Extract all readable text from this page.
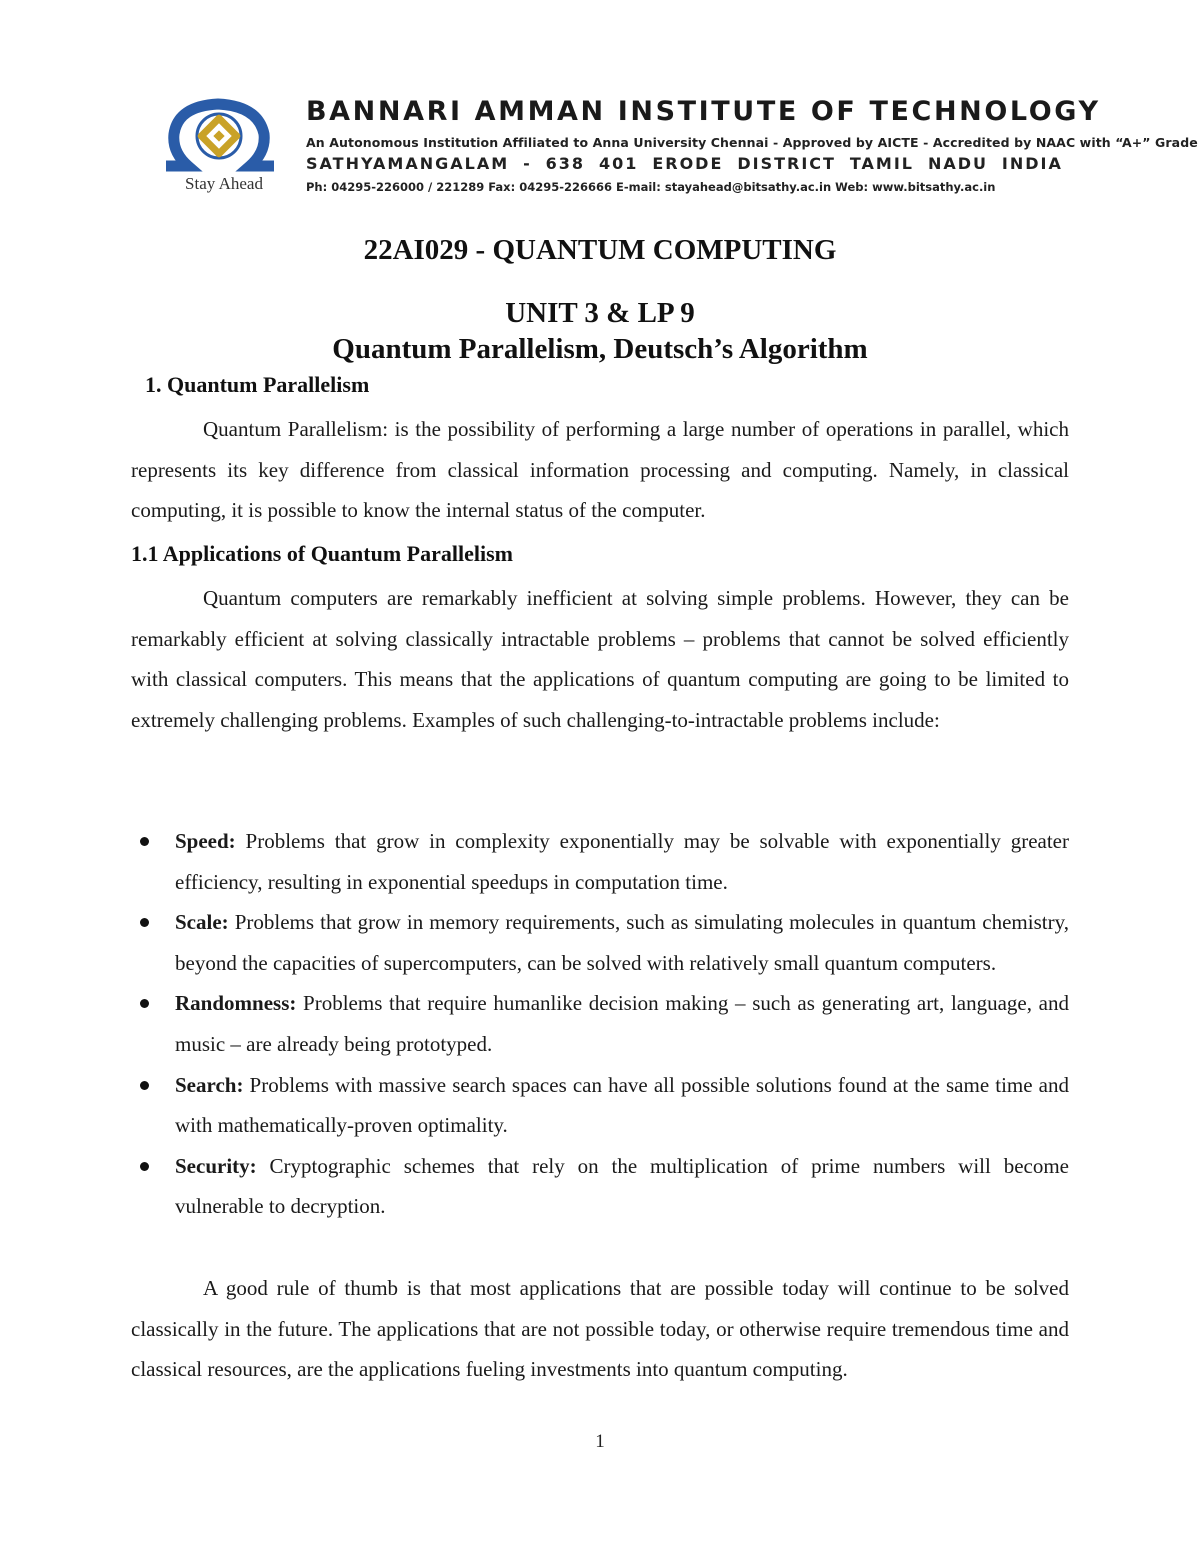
Stay Ahead
BANNARI AMMAN INSTITUTE OF TECHNOLOGY
An Autonomous Institution Affiliated to Anna University Chennai - Approved by AICTE - Accredited by NAAC with “A+” Grade
SATHYAMANGALAM - 638 401 ERODE DISTRICT TAMIL NADU INDIA
Ph: 04295-226000 / 221289 Fax: 04295-226666 E-mail: stayahead@bitsathy.ac.in Web: www.bitsathy.ac.in
22AI029 - QUANTUM COMPUTING
UNIT 3 & LP 9
Quantum Parallelism, Deutsch’s Algorithm
1. Quantum Parallelism
Quantum Parallelism: is the possibility of performing a large number of operations in parallel, which represents its key difference from classical information processing and computing. Namely, in classical computing, it is possible to know the internal status of the computer.
1.1 Applications of Quantum Parallelism
Quantum computers are remarkably inefficient at solving simple problems. However, they can be remarkably efficient at solving classically intractable problems – problems that cannot be solved efficiently with classical computers. This means that the applications of quantum computing are going to be limited to extremely challenging problems. Examples of such challenging-to-intractable problems include:
Speed: Problems that grow in complexity exponentially may be solvable with exponentially greater efficiency, resulting in exponential speedups in computation time.
Scale: Problems that grow in memory requirements, such as simulating molecules in quantum chemistry, beyond the capacities of supercomputers, can be solved with relatively small quantum computers.
Randomness: Problems that require humanlike decision making – such as generating art, language, and music – are already being prototyped.
Search: Problems with massive search spaces can have all possible solutions found at the same time and with mathematically-proven optimality.
Security: Cryptographic schemes that rely on the multiplication of prime numbers will become vulnerable to decryption.
A good rule of thumb is that most applications that are possible today will continue to be solved classically in the future. The applications that are not possible today, or otherwise require tremendous time and classical resources, are the applications fueling investments into quantum computing.
1
